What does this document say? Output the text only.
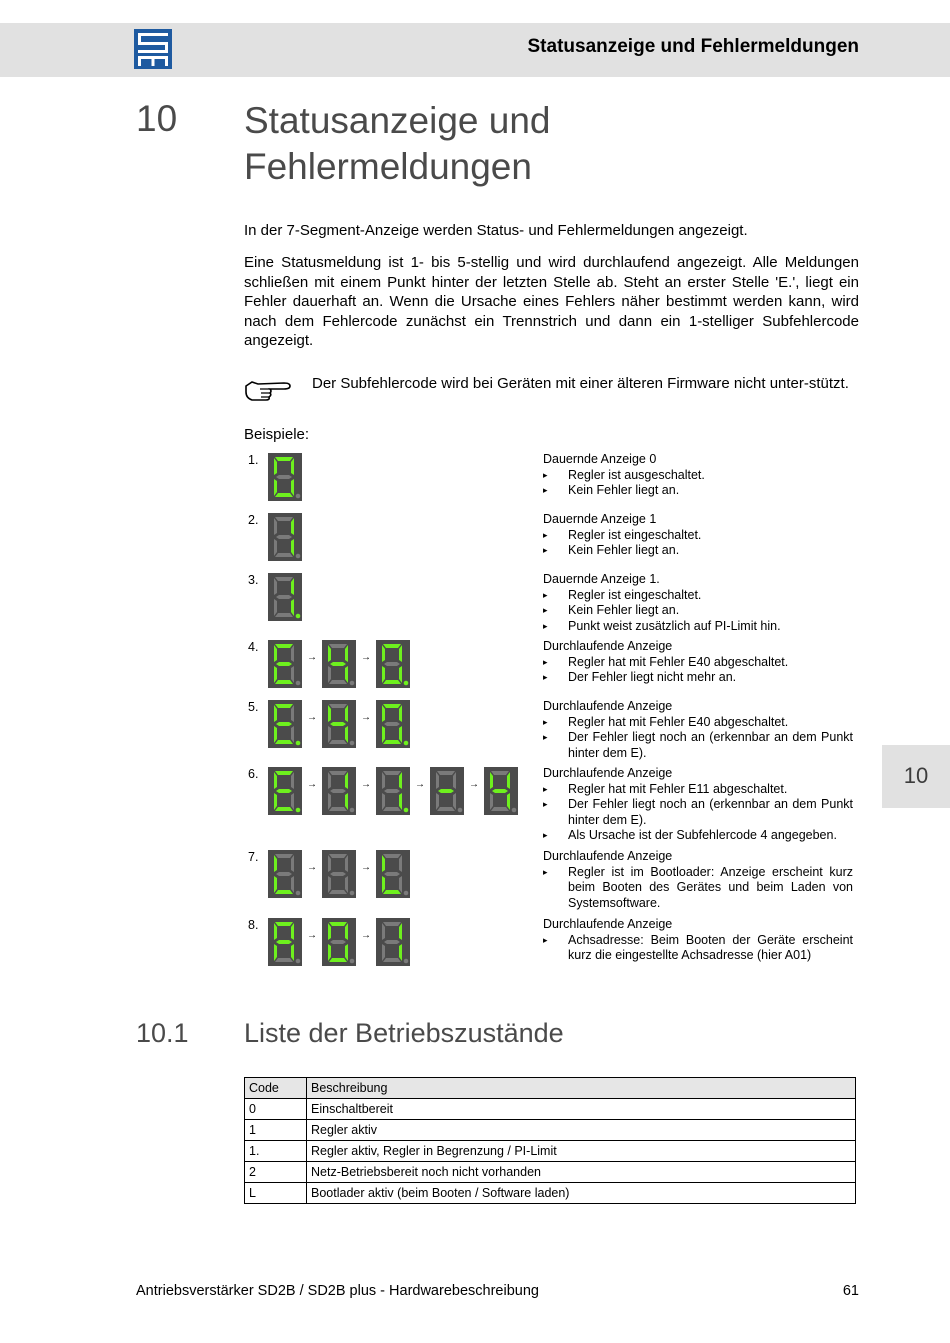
Statusanzeige und Fehlermeldungen
10 Statusanzeige und Fehlermeldungen
In der 7-Segment-Anzeige werden Status- und Fehlermeldungen angezeigt.
Eine Statusmeldung ist 1- bis 5-stellig und wird durchlaufend angezeigt. Alle Meldungen schließen mit einem Punkt hinter der letzten Stelle ab. Steht an erster Stelle 'E.', liegt ein Fehler dauerhaft an. Wenn die Ursache eines Fehlers näher bestimmt werden kann, wird nach dem Fehlercode zunächst ein Trennstrich und dann ein 1-stelliger Subfehlercode angezeigt.
Der Subfehlercode wird bei Geräten mit einer älteren Firmware nicht unter-stützt.
Beispiele:
1.	Dauernde Anzeige 0
▸ Regler ist ausgeschaltet.
▸ Kein Fehler liegt an.
2.	Dauernde Anzeige 1
▸ Regler ist eingeschaltet.
▸ Kein Fehler liegt an.
3.	Dauernde Anzeige 1.
▸ Regler ist eingeschaltet.
▸ Kein Fehler liegt an.
▸ Punkt weist zusätzlich auf PI-Limit hin.
4.
→	→
Durchlaufende Anzeige
▸ Regler hat mit Fehler E40 abgeschaltet.
▸ Der Fehler liegt nicht mehr an.
5.
→	→
Durchlaufende Anzeige
▸ Regler hat mit Fehler E40 abgeschaltet.
▸ Der Fehler liegt noch an (erkennbar an dem Punkt hinter dem E).
6.
→	→	→	→
Durchlaufende Anzeige
▸ Regler hat mit Fehler E11 abgeschaltet.
▸ Der Fehler liegt noch an (erkennbar an dem Punkt hinter dem E).
▸ Als Ursache ist der Subfehlercode 4 angegeben.
7.
→	→
Durchlaufende Anzeige
▸ Regler ist im Bootloader: Anzeige erscheint kurz beim Booten des Gerätes und beim Laden von Systemsoftware.
8.
→	→
Durchlaufende Anzeige
▸ Achsadresse: Beim Booten der Geräte erscheint kurz die eingestellte Achsadresse (hier A01)
10
10.1 Liste der Betriebszustände
Code	Beschreibung
0	Einschaltbereit
1	Regler aktiv
1.	Regler aktiv, Regler in Begrenzung / PI-Limit
2	Netz-Betriebsbereit noch nicht vorhanden
L	Bootlader aktiv (beim Booten / Software laden)
Antriebsverstärker SD2B / SD2B plus - Hardwarebeschreibung	61
